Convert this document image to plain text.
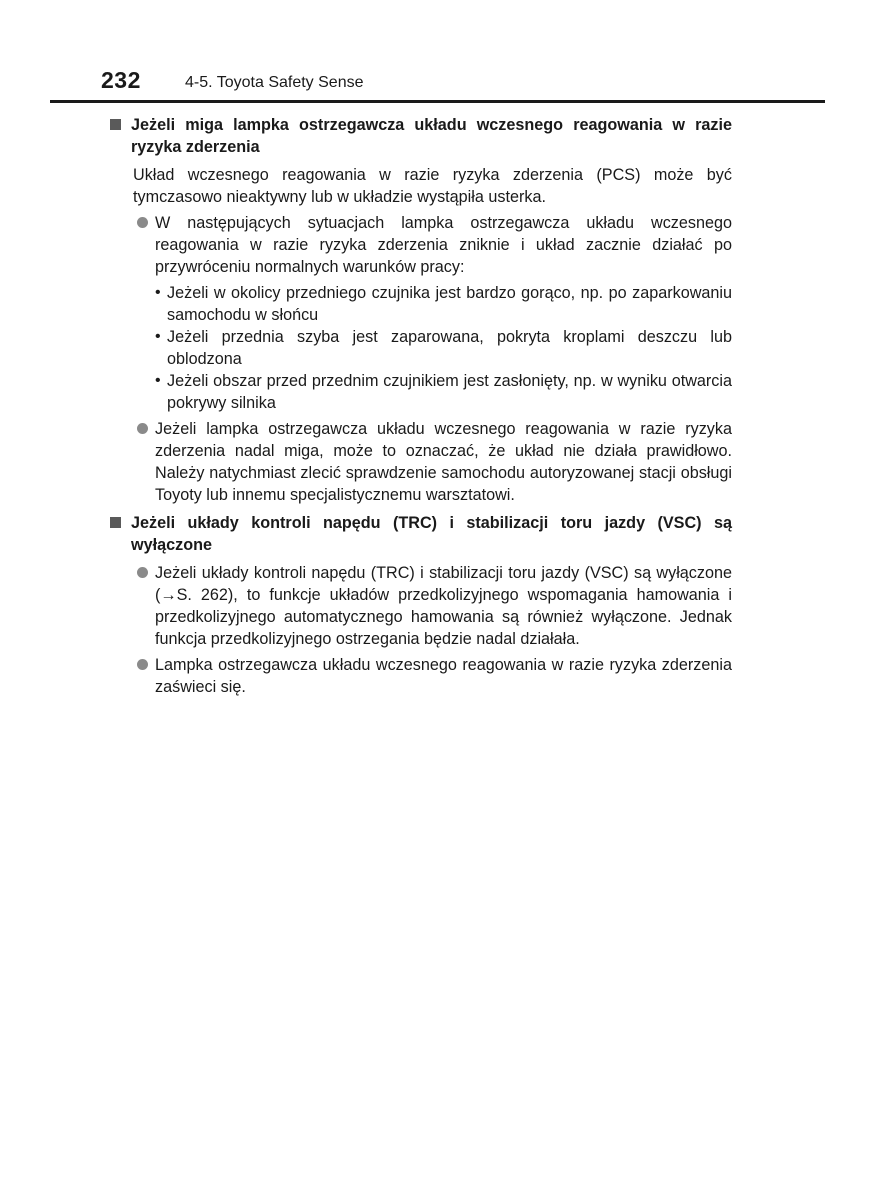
232	4-5. Toyota Safety Sense
Jeżeli miga lampka ostrzegawcza układu wczesnego reagowania w razie ryzyka zderzenia
Układ wczesnego reagowania w razie ryzyka zderzenia (PCS) może być tymczasowo nieaktywny lub w układzie wystąpiła usterka.
W następujących sytuacjach lampka ostrzegawcza układu wczesnego reagowania w razie ryzyka zderzenia zniknie i układ zacznie działać po przywróceniu normalnych warunków pracy:
• Jeżeli w okolicy przedniego czujnika jest bardzo gorąco, np. po zaparkowaniu samochodu w słońcu
• Jeżeli przednia szyba jest zaparowana, pokryta kroplami deszczu lub oblodzona
• Jeżeli obszar przed przednim czujnikiem jest zasłonięty, np. w wyniku otwarcia pokrywy silnika
Jeżeli lampka ostrzegawcza układu wczesnego reagowania w razie ryzyka zderzenia nadal miga, może to oznaczać, że układ nie działa prawidłowo. Należy natychmiast zlecić sprawdzenie samochodu autoryzowanej stacji obsługi Toyoty lub innemu specjalistycznemu warsztatowi.
Jeżeli układy kontroli napędu (TRC) i stabilizacji toru jazdy (VSC) są wyłączone
Jeżeli układy kontroli napędu (TRC) i stabilizacji toru jazdy (VSC) są wyłączone (→S. 262), to funkcje układów przedkolizyjnego wspomagania hamowania i przedkolizyjnego automatycznego hamowania są również wyłączone. Jednak funkcja przedkolizyjnego ostrzegania będzie nadal działała.
Lampka ostrzegawcza układu wczesnego reagowania w razie ryzyka zderzenia zaświeci się.
